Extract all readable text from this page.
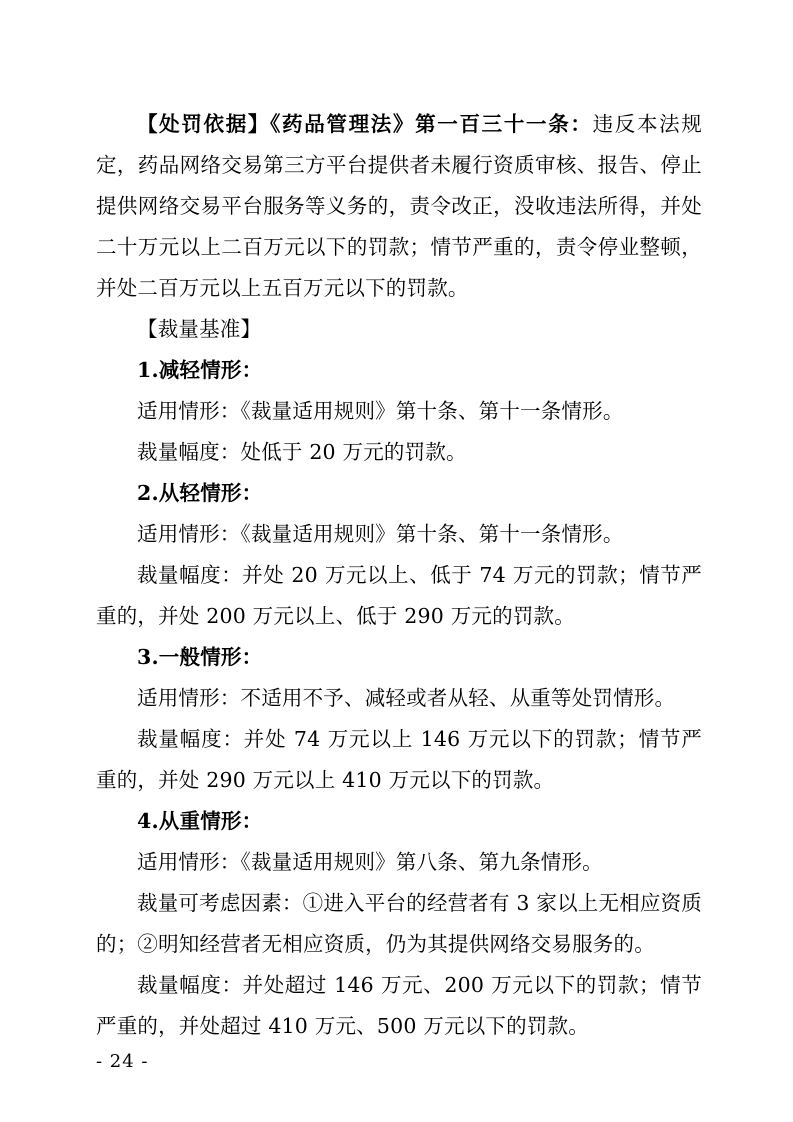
【处罚依据】《药品管理法》第一百三十一条：违反本法规定，药品网络交易第三方平台提供者未履行资质审核、报告、停止提供网络交易平台服务等义务的，责令改正，没收违法所得，并处二十万元以上二百万元以下的罚款；情节严重的，责令停业整顿，并处二百万元以上五百万元以下的罚款。

【裁量基准】

1.减轻情形：

适用情形：《裁量适用规则》第十条、第十一条情形。

裁量幅度：处低于 20 万元的罚款。

2.从轻情形：

适用情形：《裁量适用规则》第十条、第十一条情形。

裁量幅度：并处 20 万元以上、低于 74 万元的罚款；情节严重的，并处 200 万元以上、低于 290 万元的罚款。

3.一般情形：

适用情形：不适用不予、减轻或者从轻、从重等处罚情形。

裁量幅度：并处 74 万元以上 146 万元以下的罚款；情节严重的，并处 290 万元以上 410 万元以下的罚款。

4.从重情形：

适用情形：《裁量适用规则》第八条、第九条情形。

裁量可考虑因素：①进入平台的经营者有 3 家以上无相应资质的；②明知经营者无相应资质，仍为其提供网络交易服务的。

裁量幅度：并处超过 146 万元、200 万元以下的罚款；情节严重的，并处超过 410 万元、500 万元以下的罚款。

- 24 -
